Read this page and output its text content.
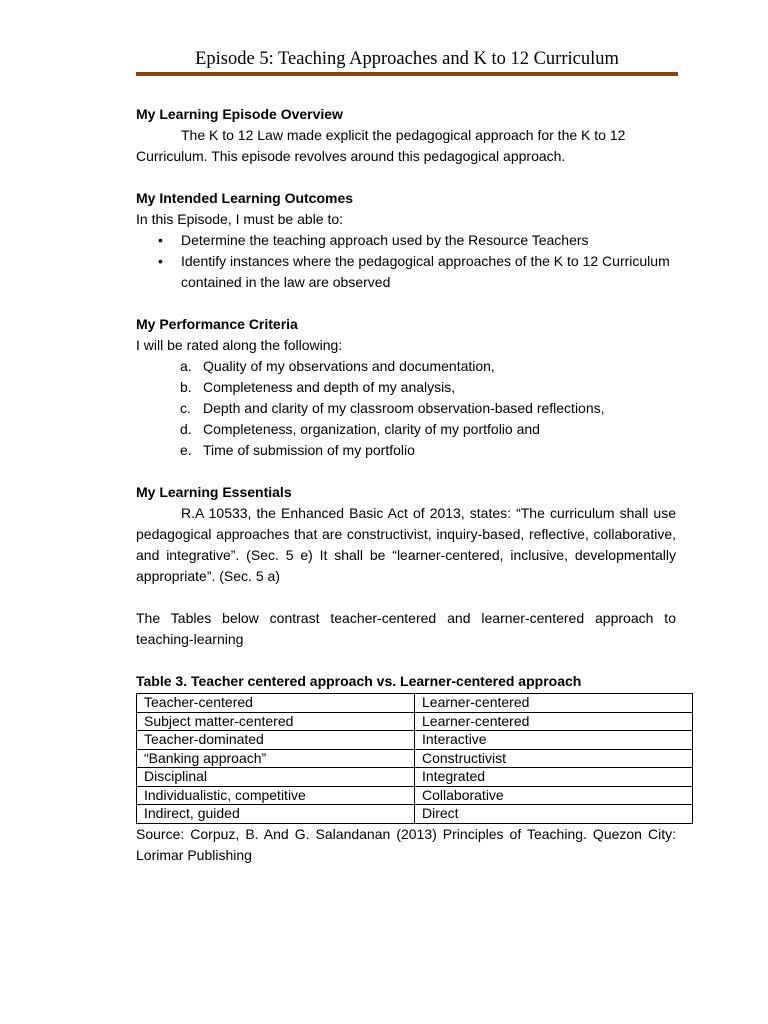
Episode 5: Teaching Approaches and K to 12 Curriculum

My Learning Episode Overview

The K to 12 Law made explicit the pedagogical approach for the K to 12 Curriculum. This episode revolves around this pedagogical approach.

My Intended Learning Outcomes

In this Episode, I must be able to:

• Determine the teaching approach used by the Resource Teachers
• Identify instances where the pedagogical approaches of the K to 12 Curriculum contained in the law are observed

My Performance Criteria

I will be rated along the following:

a. Quality of my observations and documentation,
b. Completeness and depth of my analysis,
c. Depth and clarity of my classroom observation-based reflections,
d. Completeness, organization, clarity of my portfolio and
e. Time of submission of my portfolio

My Learning Essentials

R.A 10533, the Enhanced Basic Act of 2013, states: “The curriculum shall use pedagogical approaches that are constructivist, inquiry-based, reflective, collaborative, and integrative”. (Sec. 5 e) It shall be “learner-centered, inclusive, developmentally appropriate”. (Sec. 5 a)

The Tables below contrast teacher-centered and learner-centered approach to teaching-learning

Table 3. Teacher centered approach vs. Learner-centered approach

Teacher-centered	Learner-centered
Subject matter-centered	Learner-centered
Teacher-dominated	Interactive
“Banking approach”	Constructivist
Disciplinal	Integrated
Individualistic, competitive	Collaborative
Indirect, guided	Direct

Source: Corpuz, B. And G. Salandanan (2013) Principles of Teaching. Quezon City: Lorimar Publishing
